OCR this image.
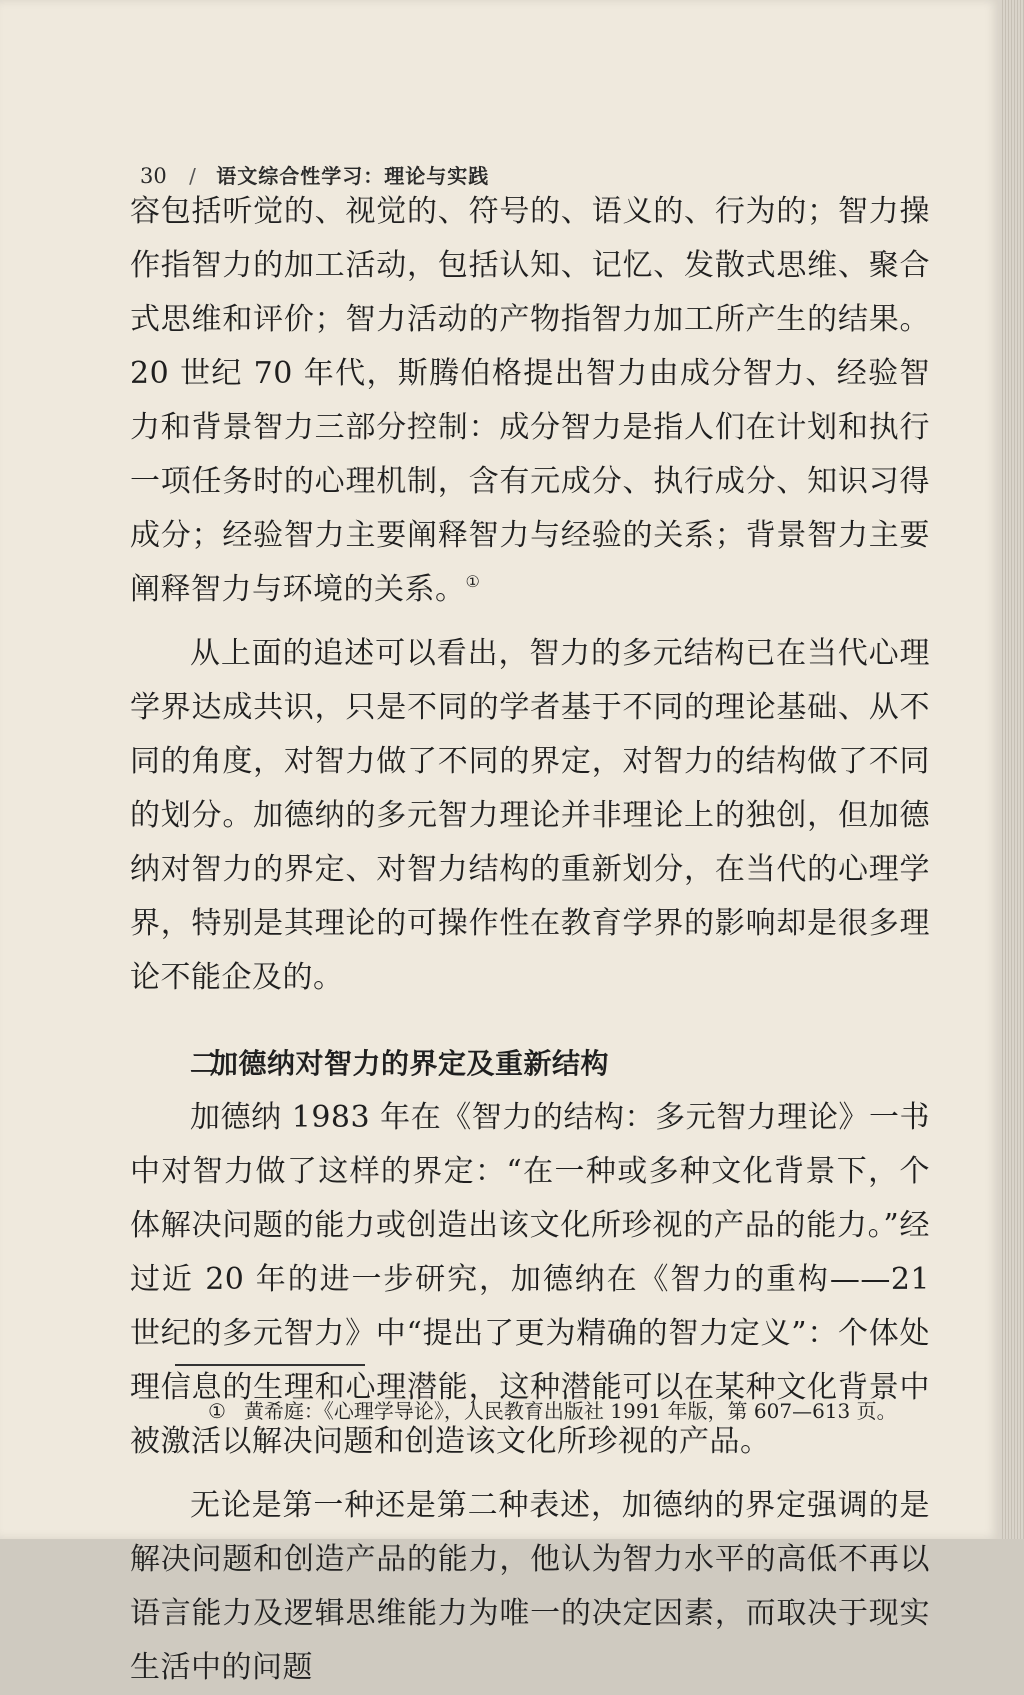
30 / 语文综合性学习：理论与实践

容包括听觉的、视觉的、符号的、语义的、行为的；智力操作指智力的加工活动，包括认知、记忆、发散式思维、聚合式思维和评价；智力活动的产物指智力加工所产生的结果。20 世纪 70 年代，斯腾伯格提出智力由成分智力、经验智力和背景智力三部分控制：成分智力是指人们在计划和执行一项任务时的心理机制，含有元成分、执行成分、知识习得成分；经验智力主要阐释智力与经验的关系；背景智力主要阐释智力与环境的关系。①

从上面的追述可以看出，智力的多元结构已在当代心理学界达成共识，只是不同的学者基于不同的理论基础、从不同的角度，对智力做了不同的界定，对智力的结构做了不同的划分。加德纳的多元智力理论并非理论上的独创，但加德纳对智力的界定、对智力结构的重新划分，在当代的心理学界，特别是其理论的可操作性在教育学界的影响却是很多理论不能企及的。

二加德纳对智力的界定及重新结构

加德纳 1983 年在《智力的结构：多元智力理论》一书中对智力做了这样的界定：“在一种或多种文化背景下，个体解决问题的能力或创造出该文化所珍视的产品的能力。”经过近 20 年的进一步研究，加德纳在《智力的重构——21 世纪的多元智力》中“提出了更为精确的智力定义”：个体处理信息的生理和心理潜能，这种潜能可以在某种文化背景中被激活以解决问题和创造该文化所珍视的产品。

无论是第一种还是第二种表述，加德纳的界定强调的是解决问题和创造产品的能力，他认为智力水平的高低不再以语言能力及逻辑思维能力为唯一的决定因素，而取决于现实生活中的问题

① 黄希庭：《心理学导论》，人民教育出版社 1991 年版，第 607—613 页。
